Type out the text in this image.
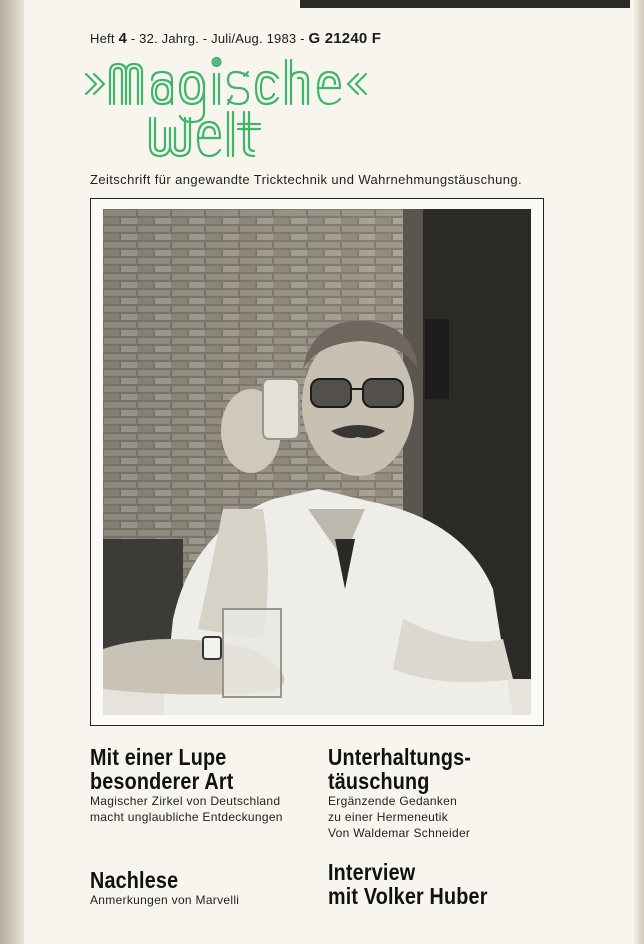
Heft 4 - 32. Jahrg. - Juli/Aug. 1983 - G 21240 F
Zeitschrift für angewandte Tricktechnik und Wahrnehmungstäuschung.

Mit einer Lupe

besonderer Art

Magischer Zirkel von Deutschland

macht unglaubliche Entdeckungen

Unterhaltungs-

täuschung

Ergänzende Gedanken

zu einer Hermeneutik

Von Waldemar Schneider

Nachlese

Anmerkungen von Marvelli

Interview

mit Volker Huber
